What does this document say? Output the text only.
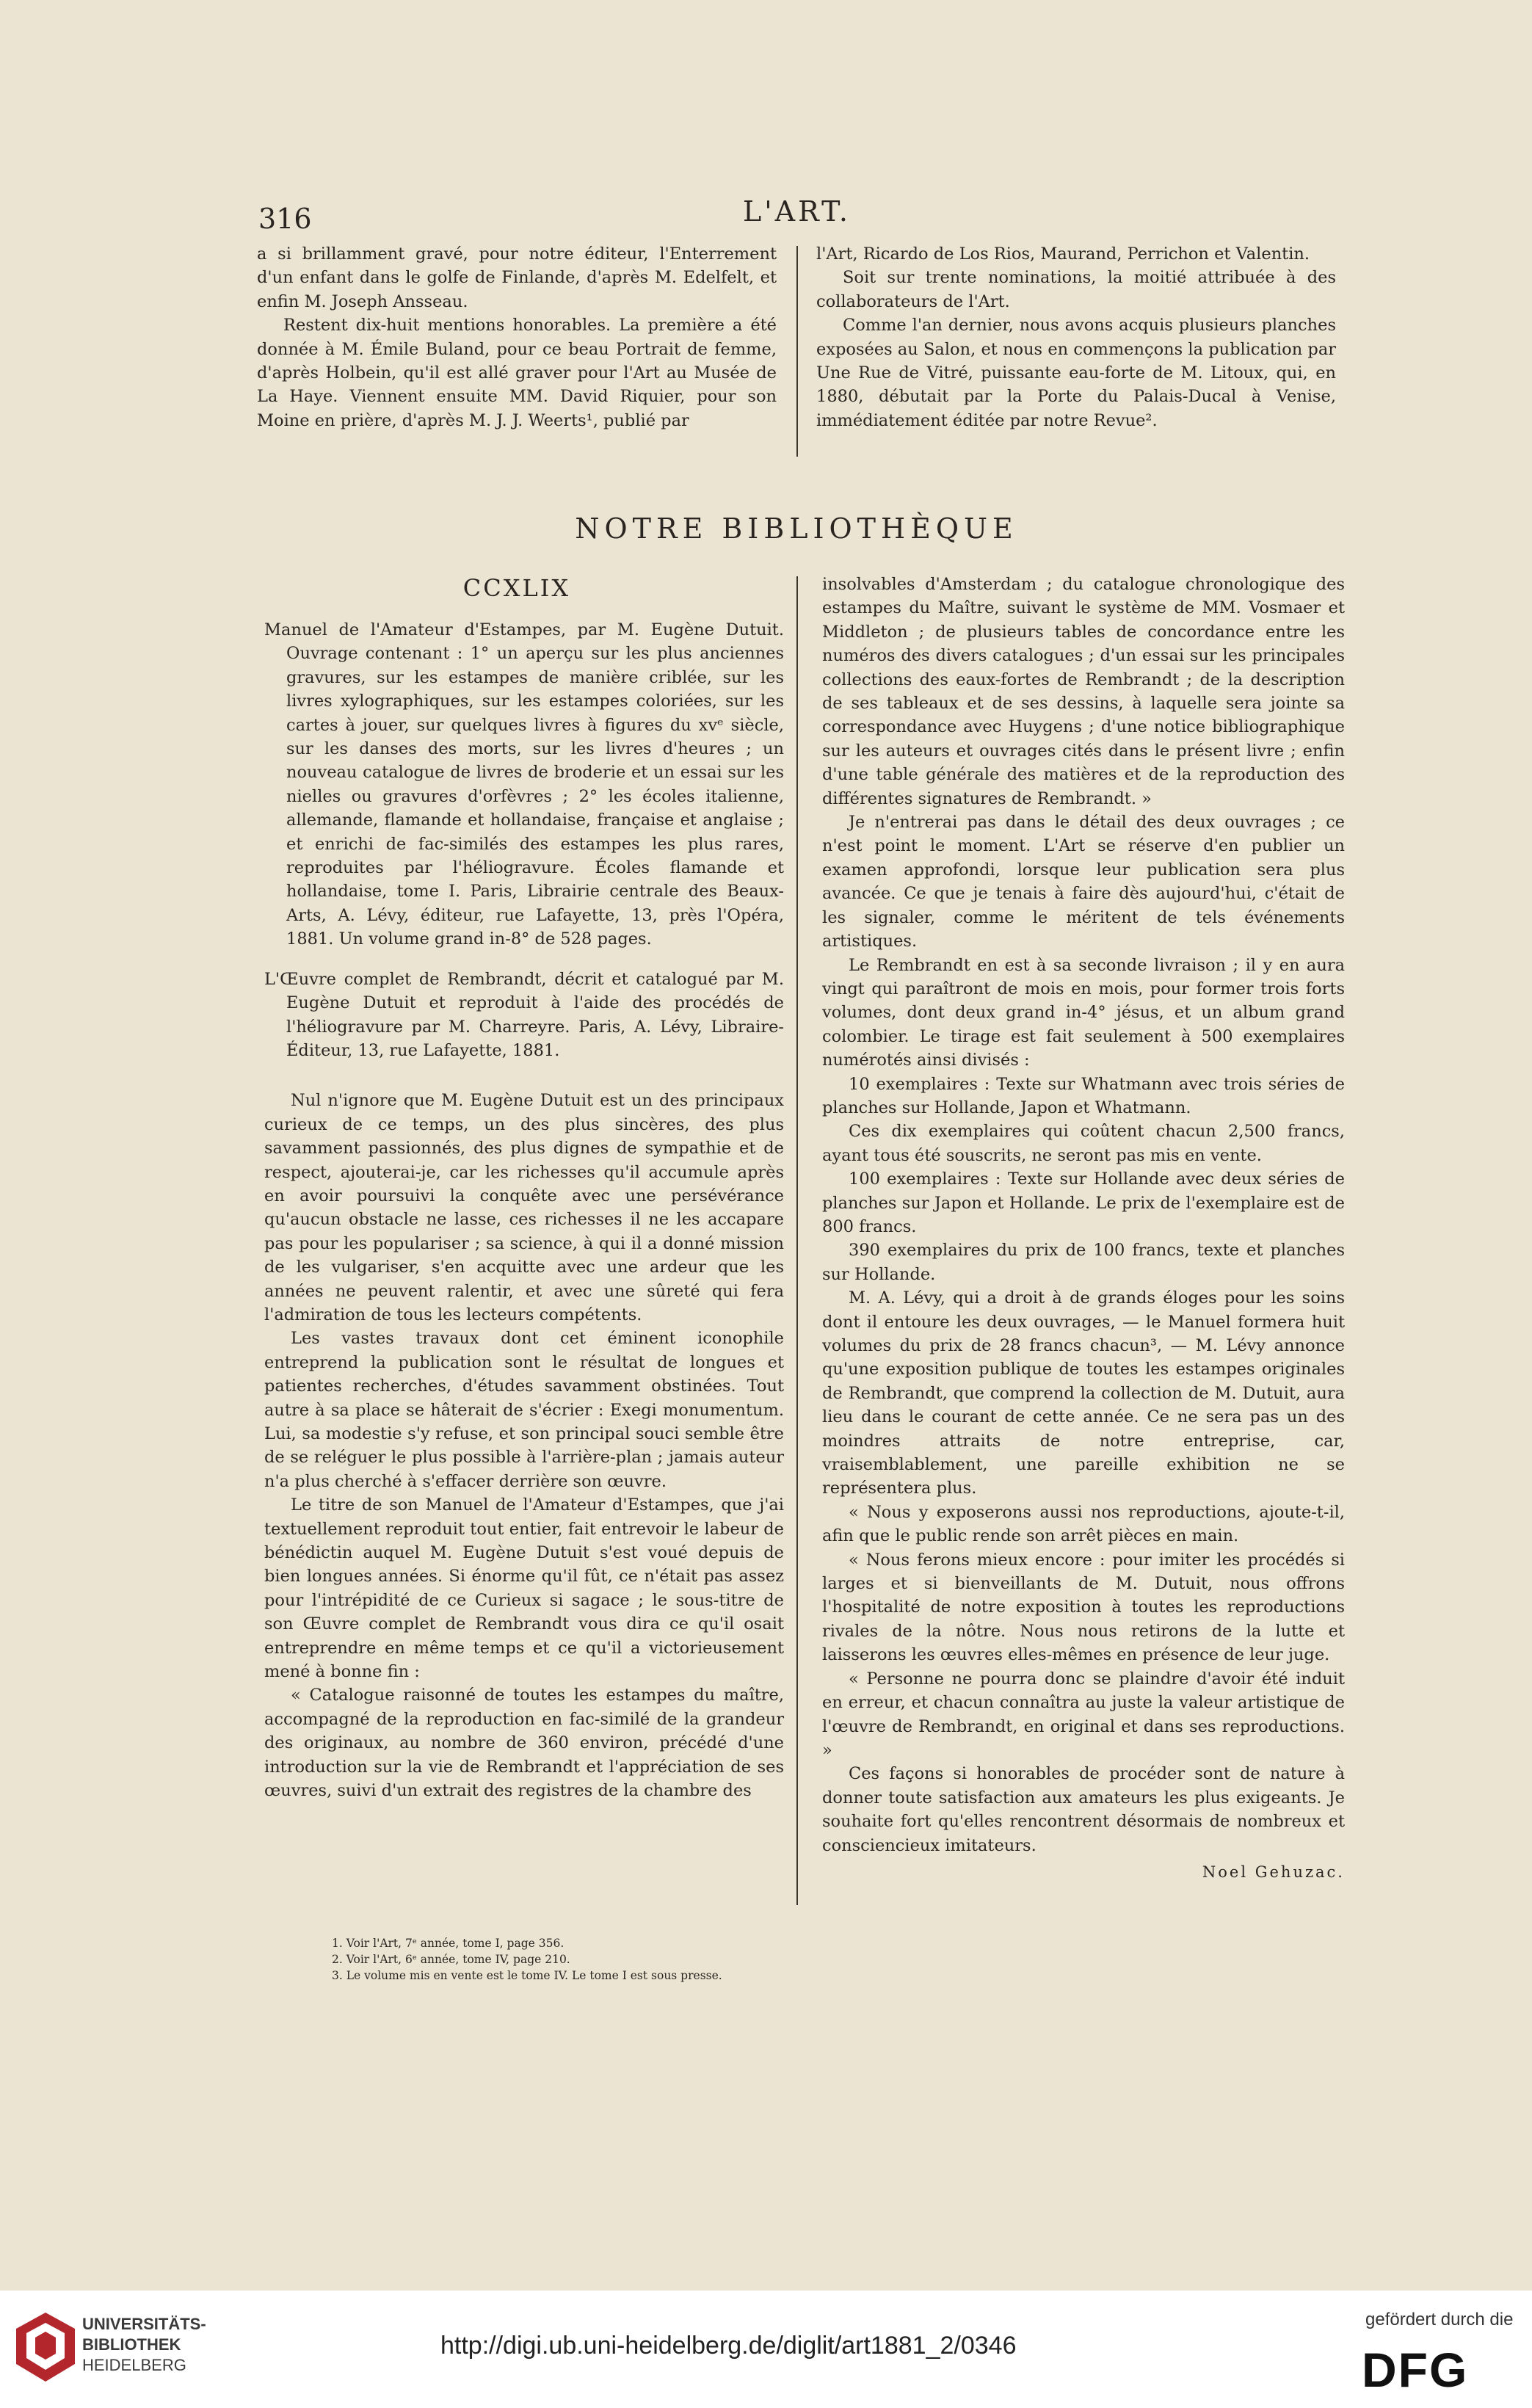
316	L'ART.

a si brillamment gravé, pour notre éditeur, l'Enterrement d'un enfant dans le golfe de Finlande, d'après M. Edelfelt, et enfin M. Joseph Ansseau.

Restent dix-huit mentions honorables. La première a été donnée à M. Émile Buland, pour ce beau Portrait de femme, d'après Holbein, qu'il est allé graver pour l'Art au Musée de La Haye. Viennent ensuite MM. David Riquier, pour son Moine en prière, d'après M. J. J. Weerts¹, publié par

l'Art, Ricardo de Los Rios, Maurand, Perrichon et Valentin.

Soit sur trente nominations, la moitié attribuée à des collaborateurs de l'Art.

Comme l'an dernier, nous avons acquis plusieurs planches exposées au Salon, et nous en commençons la publication par Une Rue de Vitré, puissante eau-forte de M. Litoux, qui, en 1880, débutait par la Porte du Palais-Ducal à Venise, immédiatement éditée par notre Revue².

NOTRE BIBLIOTHÈQUE
CCXLIX

Manuel de l'Amateur d'Estampes, par M. Eugène Dutuit. Ouvrage contenant : 1° un aperçu sur les plus anciennes gravures, sur les estampes de manière criblée, sur les livres xylographiques, sur les estampes coloriées, sur les cartes à jouer, sur quelques livres à figures du xvᵉ siècle, sur les danses des morts, sur les livres d'heures ; un nouveau catalogue de livres de broderie et un essai sur les nielles ou gravures d'orfèvres ; 2° les écoles italienne, allemande, flamande et hollandaise, française et anglaise ; et enrichi de fac-similés des estampes les plus rares, reproduites par l'héliogravure. Écoles flamande et hollandaise, tome I. Paris, Librairie centrale des Beaux-Arts, A. Lévy, éditeur, rue Lafayette, 13, près l'Opéra, 1881. Un volume grand in-8° de 528 pages.

L'Œuvre complet de Rembrandt, décrit et catalogué par M. Eugène Dutuit et reproduit à l'aide des procédés de l'héliogravure par M. Charreyre. Paris, A. Lévy, Libraire-Éditeur, 13, rue Lafayette, 1881.

Nul n'ignore que M. Eugène Dutuit est un des principaux curieux de ce temps, un des plus sincères, des plus savamment passionnés, des plus dignes de sympathie et de respect, ajouterai-je, car les richesses qu'il accumule après en avoir poursuivi la conquête avec une persévérance qu'aucun obstacle ne lasse, ces richesses il ne les accapare pas pour les populariser ; sa science, à qui il a donné mission de les vulgariser, s'en acquitte avec une ardeur que les années ne peuvent ralentir, et avec une sûreté qui fera l'admiration de tous les lecteurs compétents.

Les vastes travaux dont cet éminent iconophile entreprend la publication sont le résultat de longues et patientes recherches, d'études savamment obstinées. Tout autre à sa place se hâterait de s'écrier : Exegi monumentum. Lui, sa modestie s'y refuse, et son principal souci semble être de se reléguer le plus possible à l'arrière-plan ; jamais auteur n'a plus cherché à s'effacer derrière son œuvre.

Le titre de son Manuel de l'Amateur d'Estampes, que j'ai textuellement reproduit tout entier, fait entrevoir le labeur de bénédictin auquel M. Eugène Dutuit s'est voué depuis de bien longues années. Si énorme qu'il fût, ce n'était pas assez pour l'intrépidité de ce Curieux si sagace ; le sous-titre de son Œuvre complet de Rembrandt vous dira ce qu'il osait entreprendre en même temps et ce qu'il a victorieusement mené à bonne fin :

« Catalogue raisonné de toutes les estampes du maître, accompagné de la reproduction en fac-similé de la grandeur des originaux, au nombre de 360 environ, précédé d'une introduction sur la vie de Rembrandt et l'appréciation de ses œuvres, suivi d'un extrait des registres de la chambre des

insolvables d'Amsterdam ; du catalogue chronologique des estampes du Maître, suivant le système de MM. Vosmaer et Middleton ; de plusieurs tables de concordance entre les numéros des divers catalogues ; d'un essai sur les principales collections des eaux-fortes de Rembrandt ; de la description de ses tableaux et de ses dessins, à laquelle sera jointe sa correspondance avec Huygens ; d'une notice bibliographique sur les auteurs et ouvrages cités dans le présent livre ; enfin d'une table générale des matières et de la reproduction des différentes signatures de Rembrandt. »

Je n'entrerai pas dans le détail des deux ouvrages ; ce n'est point le moment. L'Art se réserve d'en publier un examen approfondi, lorsque leur publication sera plus avancée. Ce que je tenais à faire dès aujourd'hui, c'était de les signaler, comme le méritent de tels événements artistiques.

Le Rembrandt en est à sa seconde livraison ; il y en aura vingt qui paraîtront de mois en mois, pour former trois forts volumes, dont deux grand in-4° jésus, et un album grand colombier. Le tirage est fait seulement à 500 exemplaires numérotés ainsi divisés :

10 exemplaires : Texte sur Whatmann avec trois séries de planches sur Hollande, Japon et Whatmann.

Ces dix exemplaires qui coûtent chacun 2,500 francs, ayant tous été souscrits, ne seront pas mis en vente.

100 exemplaires : Texte sur Hollande avec deux séries de planches sur Japon et Hollande. Le prix de l'exemplaire est de 800 francs.

390 exemplaires du prix de 100 francs, texte et planches sur Hollande.

M. A. Lévy, qui a droit à de grands éloges pour les soins dont il entoure les deux ouvrages, — le Manuel formera huit volumes du prix de 28 francs chacun³, — M. Lévy annonce qu'une exposition publique de toutes les estampes originales de Rembrandt, que comprend la collection de M. Dutuit, aura lieu dans le courant de cette année. Ce ne sera pas un des moindres attraits de notre entreprise, car, vraisemblablement, une pareille exhibition ne se représentera plus.

« Nous y exposerons aussi nos reproductions, ajoute-t-il, afin que le public rende son arrêt pièces en main.

« Nous ferons mieux encore : pour imiter les procédés si larges et si bienveillants de M. Dutuit, nous offrons l'hospitalité de notre exposition à toutes les reproductions rivales de la nôtre. Nous nous retirons de la lutte et laisserons les œuvres elles-mêmes en présence de leur juge.

« Personne ne pourra donc se plaindre d'avoir été induit en erreur, et chacun connaîtra au juste la valeur artistique de l'œuvre de Rembrandt, en original et dans ses reproductions. »

Ces façons si honorables de procéder sont de nature à donner toute satisfaction aux amateurs les plus exigeants. Je souhaite fort qu'elles rencontrent désormais de nombreux et consciencieux imitateurs.

Noel Gehuzac.
1. Voir l'Art, 7ᵉ année, tome I, page 356.
2. Voir l'Art, 6ᵉ année, tome IV, page 210.
3. Le volume mis en vente est le tome IV. Le tome I est sous presse.
UNIVERSITÄTS-
BIBLIOTHEK
HEIDELBERG
http://digi.ub.uni-heidelberg.de/diglit/art1881_2/0346
gefördert durch die
DFG
